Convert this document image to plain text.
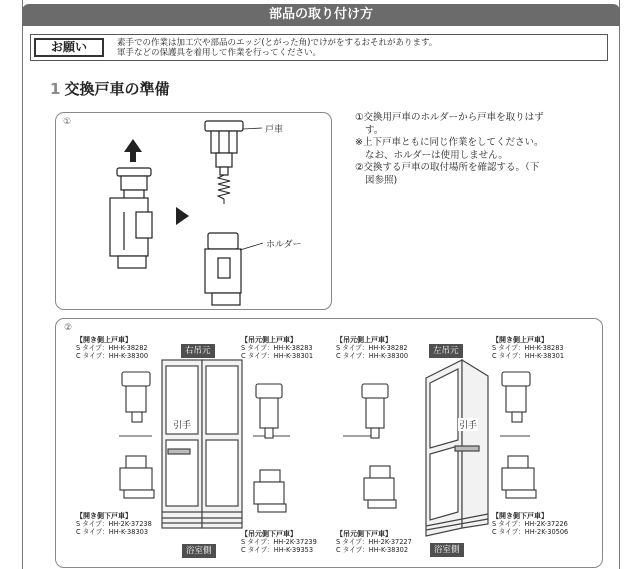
部品の取り付け方
お願い	素手での作業は加工穴や部品のエッジ(とがった角)でけがをするおそれがあります。
軍手などの保護具を着用して作業を行ってください。
1 交換戸車の準備
①
戸車
ホルダー
①交換用戸車のホルダーから戸車を取りはず
す。
※上下戸車ともに同じ作業をしてください。
なお、ホルダーは使用しません。
②交換する戸車の取付場所を確認する。（下
図参照)
②
右吊元	左吊元
浴室側	浴室側
引手	引手
【開き側上戸車】
S タイプ：HH-K-38282
C タイプ：HH-K-38300
【吊元側上戸車】
S タイプ：HH-K-38283
C タイプ：HH-K-38301
【吊元側上戸車】
S タイプ：HH-K-38282
C タイプ：HH-K-38300
【開き側上戸車】
S タイプ：HH-K-38283
C タイプ：HH-K-38301
【開き側下戸車】
S タイプ：HH-2K-37238
C タイプ：HH-K-38303	【吊元側下戸車】
S タイプ：HH-2K-37239
C タイプ：HH-K-39353
【吊元側下戸車】
S タイプ：HH-2K-37227
C タイプ：HH-K-38302
【開き側下戸車】
S タイプ：HH-2K-37226
C タイプ：HH-2K-30506
